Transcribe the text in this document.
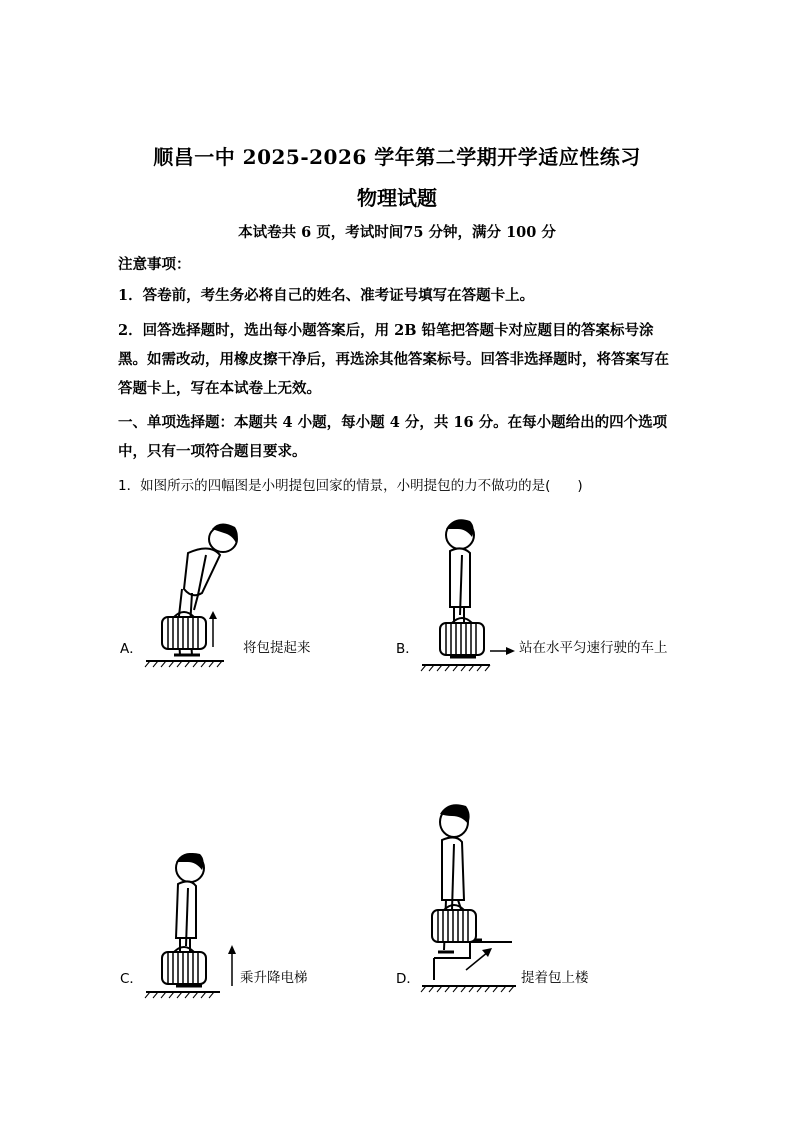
顺昌一中 2025-2026 学年第二学期开学适应性练习
物理试题
本试卷共 6 页，考试时间75 分钟，满分 100 分
注意事项：
1．答卷前，考生务必将自己的姓名、准考证号填写在答题卡上。
2．回答选择题时，选出每小题答案后，用 2B 铅笔把答题卡对应题目的答案标号涂黑。如需改动，用橡皮擦干净后，再选涂其他答案标号。回答非选择题时，将答案写在答题卡上，写在本试卷上无效。
一、单项选择题：本题共 4 小题，每小题 4 分，共 16 分。在每小题给出的四个选项中，只有一项符合题目要求。
1．如图所示的四幅图是小明提包回家的情景，小明提包的力不做功的是(　　)
A．	将包提起来	B．	站在水平匀速行驶的车上
C．	乘升降电梯	D．	提着包上楼
